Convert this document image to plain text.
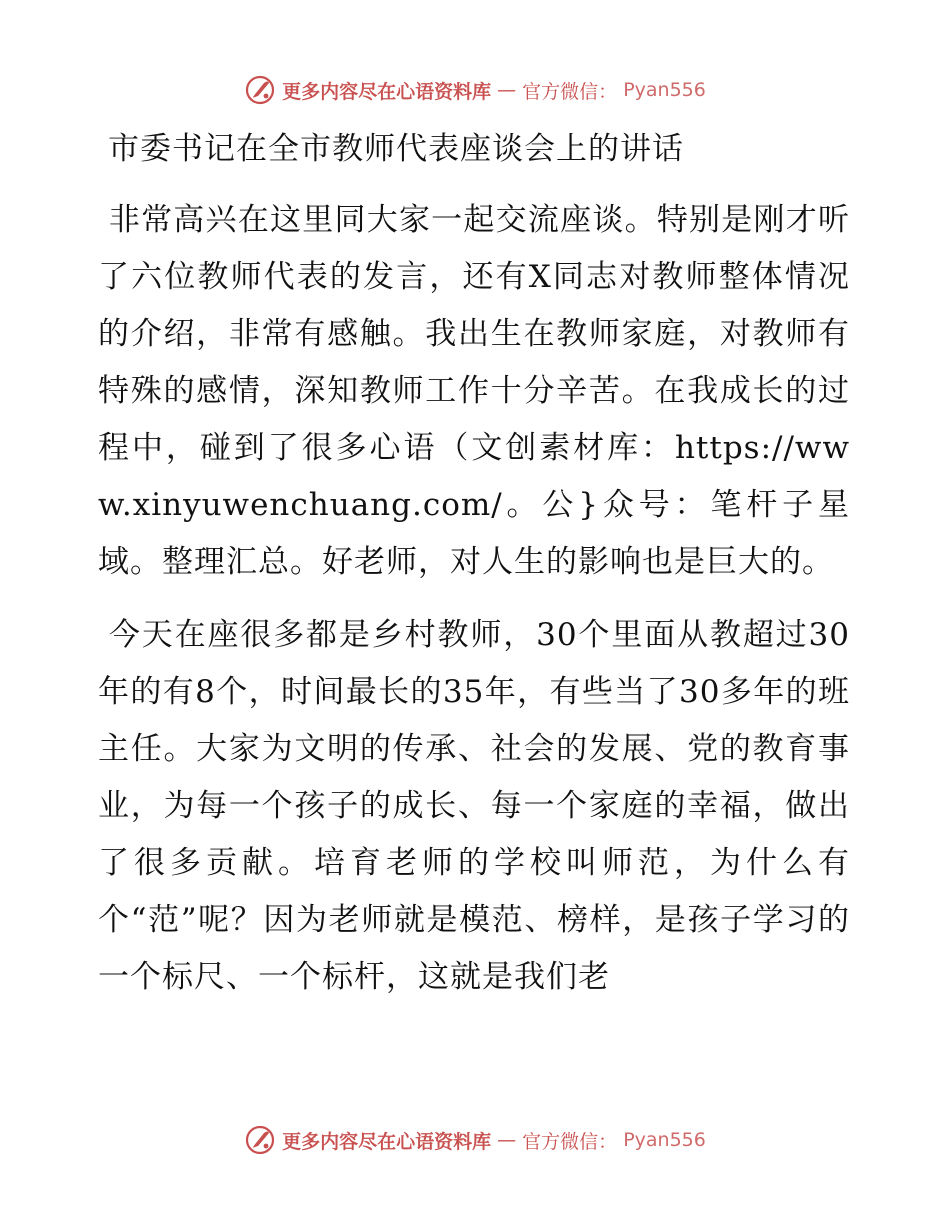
更多内容尽在心语资料库 — 官方微信： Pyan556
市委书记在全市教师代表座谈会上的讲话

非常高兴在这里同大家一起交流座谈。特别是刚才听了六位教师代表的发言，还有X同志对教师整体情况的介绍，非常有感触。我出生在教师家庭，对教师有特殊的感情，深知教师工作十分辛苦。在我成长的过程中，碰到了很多心语（文创素材库：https://www.xinyuwenchuang.com/。公}众号：笔杆子星域。整理汇总。好老师，对人生的影响也是巨大的。

今天在座很多都是乡村教师，30个里面从教超过30年的有8个，时间最长的35年，有些当了30多年的班主任。大家为文明的传承、社会的发展、党的教育事业，为每一个孩子的成长、每一个家庭的幸福，做出了很多贡献。培育老师的学校叫师范，为什么有个“范”呢？因为老师就是模范、榜样，是孩子学习的一个标尺、一个标杆，这就是我们老

更多内容尽在心语资料库 — 官方微信： Pyan556
